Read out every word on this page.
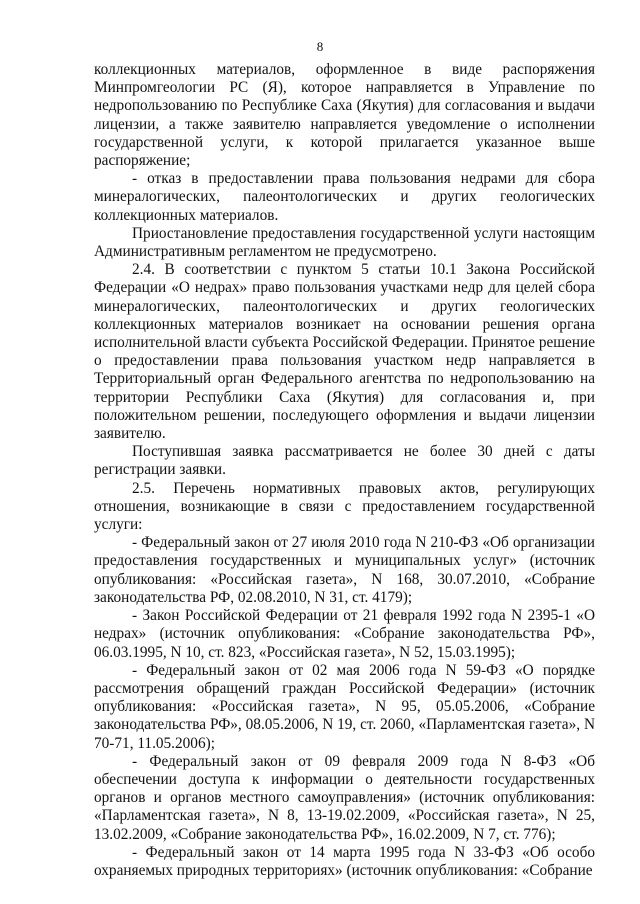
8

коллекционных материалов, оформленное в виде распоряжения Минпромгеологии РС (Я), которое направляется в Управление по недропользованию по Республике Саха (Якутия) для согласования и выдачи лицензии, а также заявителю направляется уведомление о исполнении государственной услуги, к которой прилагается указанное выше распоряжение;

- отказ в предоставлении права пользования недрами для сбора минералогических, палеонтологических и других геологических коллекционных материалов.

Приостановление предоставления государственной услуги настоящим Административным регламентом не предусмотрено.

2.4. В соответствии с пунктом 5 статьи 10.1 Закона Российской Федерации «О недрах» право пользования участками недр для целей сбора минералогических, палеонтологических и других геологических коллекционных материалов возникает на основании решения органа исполнительной власти субъекта Российской Федерации. Принятое решение о предоставлении права пользования участком недр направляется в Территориальный орган Федерального агентства по недропользованию на территории Республики Саха (Якутия) для согласования и, при положительном решении, последующего оформления и выдачи лицензии заявителю.

Поступившая заявка рассматривается не более 30 дней с даты регистрации заявки.

2.5. Перечень нормативных правовых актов, регулирующих отношения, возникающие в связи с предоставлением государственной услуги:

- Федеральный закон от 27 июля 2010 года N 210-ФЗ «Об организации предоставления государственных и муниципальных услуг» (источник опубликования: «Российская газета», N 168, 30.07.2010, «Собрание законодательства РФ, 02.08.2010, N 31, ст. 4179);

- Закон Российской Федерации от 21 февраля 1992 года N 2395-1 «О недрах» (источник опубликования: «Собрание законодательства РФ», 06.03.1995, N 10, ст. 823, «Российская газета», N 52, 15.03.1995);

- Федеральный закон от 02 мая 2006 года N 59-ФЗ «О порядке рассмотрения обращений граждан Российской Федерации» (источник опубликования: «Российская газета», N 95, 05.05.2006, «Собрание законодательства РФ», 08.05.2006, N 19, ст. 2060, «Парламентская газета», N 70-71, 11.05.2006);

- Федеральный закон от 09 февраля 2009 года N 8-ФЗ «Об обеспечении доступа к информации о деятельности государственных органов и органов местного самоуправления» (источник опубликования: «Парламентская газета», N 8, 13-19.02.2009, «Российская газета», N 25, 13.02.2009, «Собрание законодательства РФ», 16.02.2009, N 7, ст. 776);

- Федеральный закон от 14 марта 1995 года N 33-ФЗ «Об особо охраняемых природных территориях» (источник опубликования: «Собрание
